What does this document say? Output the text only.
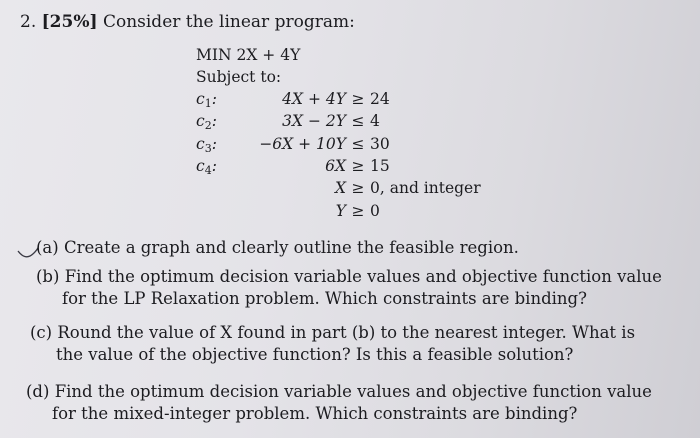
2. [25%] Consider the linear program:
MIN 2X + 4Y
Subject to:
$c_1$:	4X + 4Y ≥ 24
$c_2$:	3X − 2Y ≤ 4
$c_3$:	−6X + 10Y ≤ 30
$c_4$:	6X ≥ 15
X ≥ 0, and integer
Y ≥ 0
(a) Create a graph and clearly outline the feasible region.
(b) Find the optimum decision variable values and objective function value
for the LP Relaxation problem. Which constraints are binding?
(c) Round the value of X found in part (b) to the nearest integer. What is
the value of the objective function? Is this a feasible solution?
(d) Find the optimum decision variable values and objective function value
for the mixed-integer problem. Which constraints are binding?
